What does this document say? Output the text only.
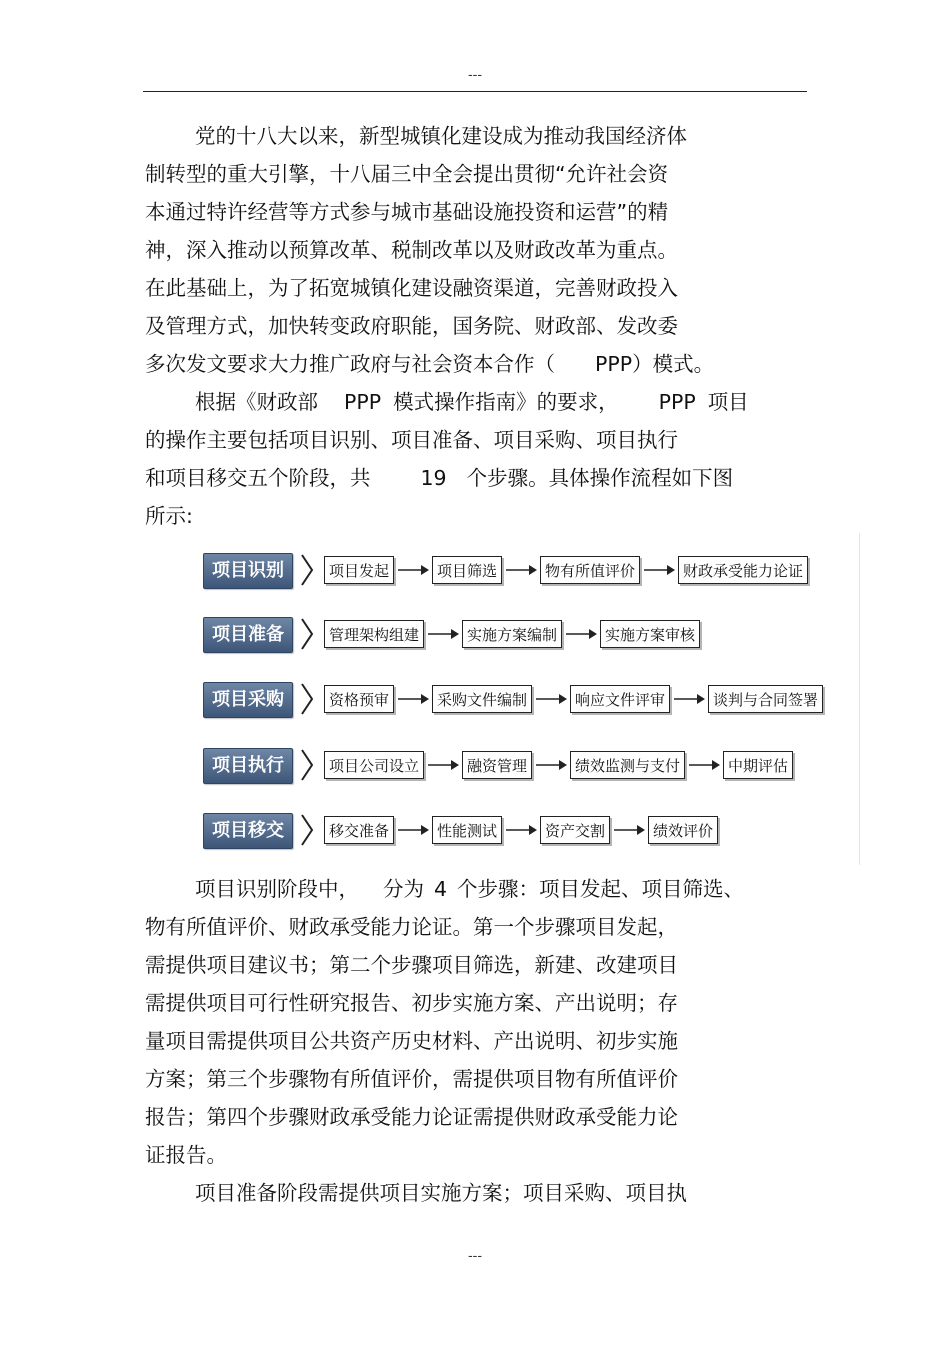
---
党的十八大以来，新型城镇化建设成为推动我国经济体
制转型的重大引擎，十八届三中全会提出贯彻“允许社会资
本通过特许经营等方式参与城市基础设施投资和运营”的精
神，深入推动以预算改革、税制改革以及财政改革为重点。
在此基础上，为了拓宽城镇化建设融资渠道，完善财政投入
及管理方式，加快转变政府职能，国务院、财政部、发改委
多次发文要求大力推广政府与社会资本合作（ PPP）模式。
根据《财政部 PPP 模式操作指南》的要求， PPP 项目
的操作主要包括项目识别、项目准备、项目采购、项目执行
和项目移交五个阶段，共 19 个步骤。具体操作流程如下图
所示:
项目识别	项目发起	项目筛选	物有所值评价	财政承受能力论证
项目准备	管理架构组建	实施方案编制	实施方案审核
项目采购	资格预审	采购文件编制	响应文件评审	谈判与合同签署
项目执行	项目公司设立	融资管理	绩效监测与支付	中期评估
项目移交	移交准备	性能测试	资产交割	绩效评价
项目识别阶段中， 分为 4 个步骤：项目发起、项目筛选、
物有所值评价、财政承受能力论证。第一个步骤项目发起，
需提供项目建议书；第二个步骤项目筛选，新建、改建项目
需提供项目可行性研究报告、初步实施方案、产出说明；存
量项目需提供项目公共资产历史材料、产出说明、初步实施
方案；第三个步骤物有所值评价，需提供项目物有所值评价
报告；第四个步骤财政承受能力论证需提供财政承受能力论
证报告。
项目准备阶段需提供项目实施方案；项目采购、项目执
---
